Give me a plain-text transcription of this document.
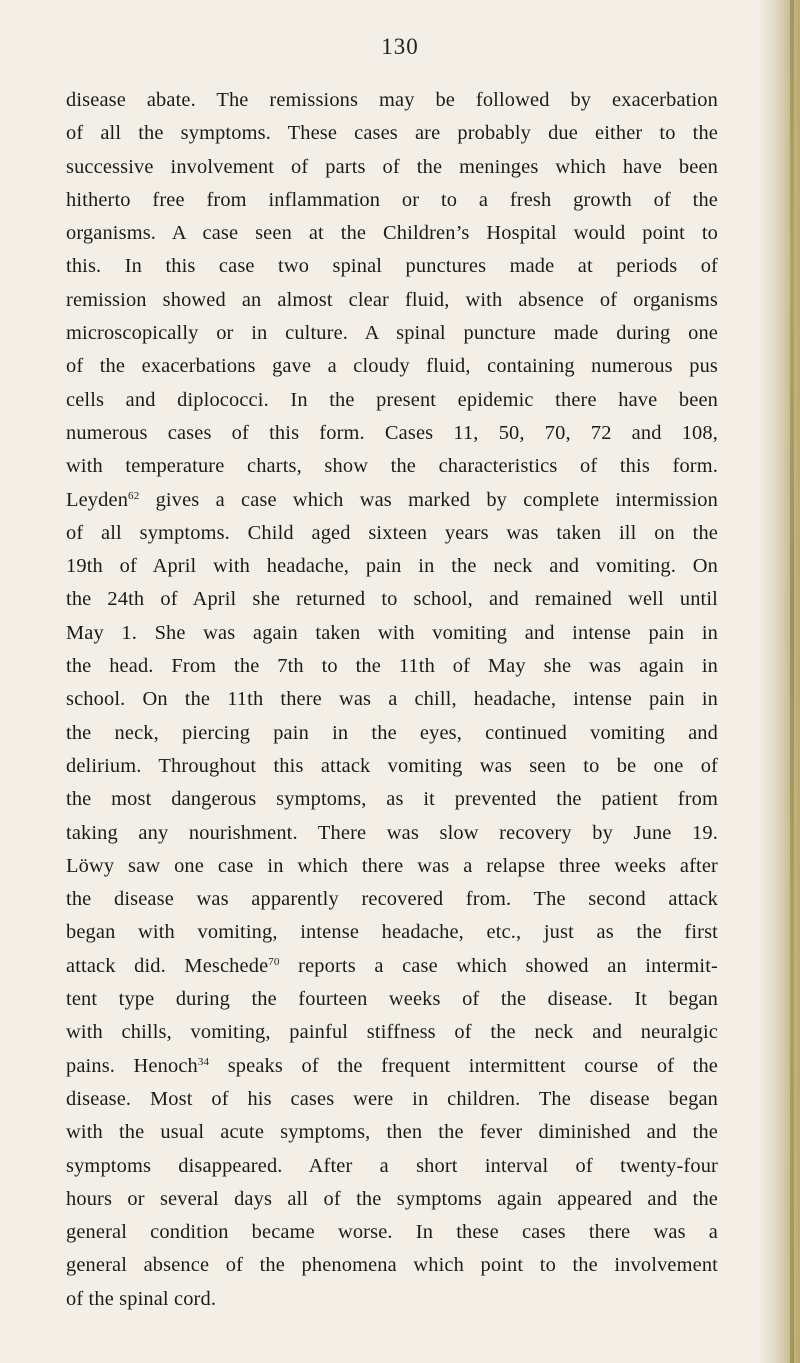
130
disease abate. The remissions may be followed by exacerbation
of all the symptoms. These cases are probably due either to the
successive involvement of parts of the meninges which have been
hitherto free from inflammation or to a fresh growth of the
organisms. A case seen at the Children’s Hospital would point to
this. In this case two spinal punctures made at periods of
remission showed an almost clear fluid, with absence of organisms
microscopically or in culture. A spinal puncture made during one
of the exacerbations gave a cloudy fluid, containing numerous pus
cells and diplococci. In the present epidemic there have been
numerous cases of this form. Cases 11, 50, 70, 72 and 108,
with temperature charts, show the characteristics of this form.
Leyden$^{62}$ gives a case which was marked by complete intermission
of all symptoms. Child aged sixteen years was taken ill on the
19th of April with headache, pain in the neck and vomiting. On
the 24th of April she returned to school, and remained well until
May 1. She was again taken with vomiting and intense pain in
the head. From the 7th to the 11th of May she was again in
school. On the 11th there was a chill, headache, intense pain in
the neck, piercing pain in the eyes, continued vomiting and
delirium. Throughout this attack vomiting was seen to be one of
the most dangerous symptoms, as it prevented the patient from
taking any nourishment. There was slow recovery by June 19.
Löwy saw one case in which there was a relapse three weeks after
the disease was apparently recovered from. The second attack
began with vomiting, intense headache, etc., just as the first
attack did. Meschede$^{70}$ reports a case which showed an intermit-
tent type during the fourteen weeks of the disease. It began
with chills, vomiting, painful stiffness of the neck and neuralgic
pains. Henoch$^{34}$ speaks of the frequent intermittent course of the
disease. Most of his cases were in children. The disease began
with the usual acute symptoms, then the fever diminished and the
symptoms disappeared. After a short interval of twenty-four
hours or several days all of the symptoms again appeared and the
general condition became worse. In these cases there was a
general absence of the phenomena which point to the involvement
of the spinal cord.
